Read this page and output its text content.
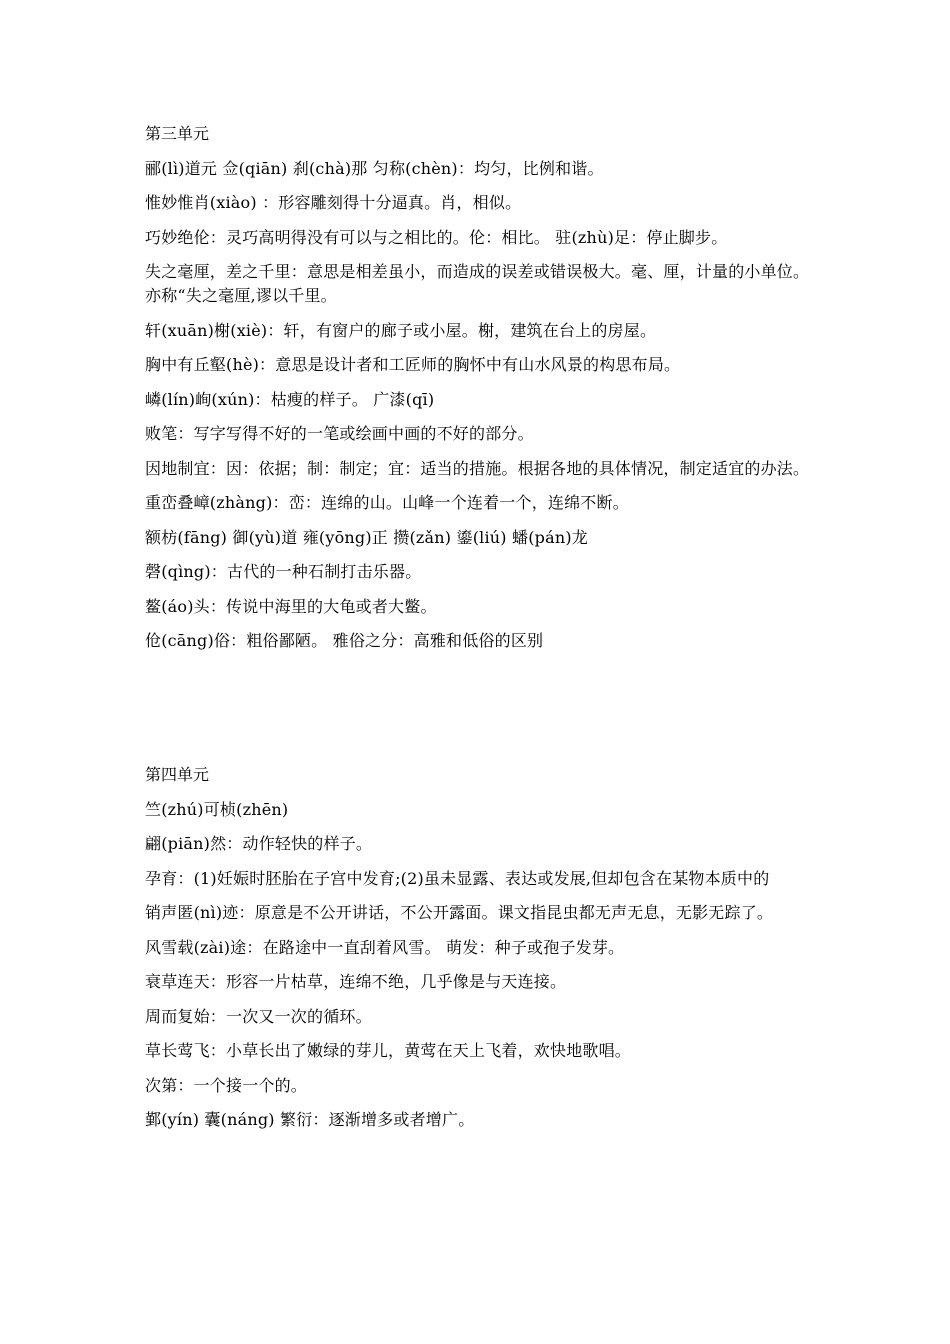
第三单元
郦(lì)道元 佥(qiān) 刹(chà)那 匀称(chèn)：均匀，比例和谐。
惟妙惟肖(xiào) ：形容雕刻得十分逼真。肖，相似。
巧妙绝伦：灵巧高明得没有可以与之相比的。伦：相比。 驻(zhù)足：停止脚步。
失之毫厘，差之千里：意思是相差虽小，而造成的误差或错误极大。毫、厘，计量的小单位。亦称“失之毫厘,谬以千里。
轩(xuān)榭(xiè)：轩，有窗户的廊子或小屋。榭，建筑在台上的房屋。
胸中有丘壑(hè)：意思是设计者和工匠师的胸怀中有山水风景的构思布局。
嶙(lín)峋(xún)：枯瘦的样子。 广漆(qī)
败笔：写字写得不好的一笔或绘画中画的不好的部分。
因地制宜：因：依据；制：制定；宜：适当的措施。根据各地的具体情况，制定适宜的办法。
重峦叠嶂(zhàng)：峦：连绵的山。山峰一个连着一个，连绵不断。
额枋(fāng) 御(yù)道 雍(yōng)正 攒(zǎn) 鎏(liú) 蟠(pán)龙
磬(qìng)：古代的一种石制打击乐器。
鳌(áo)头：传说中海里的大龟或者大鳖。
伧(cāng)俗：粗俗鄙陋。 雅俗之分：高雅和低俗的区别
第四单元
竺(zhú)可桢(zhēn)
翩(piān)然：动作轻快的样子。
孕育：(1)妊娠时胚胎在子宫中发育;(2)虽未显露、表达或发展,但却包含在某物本质中的
销声匿(nì)迹：原意是不公开讲话，不公开露面。课文指昆虫都无声无息，无影无踪了。
风雪载(zài)途：在路途中一直刮着风雪。 萌发：种子或孢子发芽。
衰草连天：形容一片枯草，连绵不绝，几乎像是与天连接。
周而复始：一次又一次的循环。
草长莺飞：小草长出了嫩绿的芽儿，黄莺在天上飞着，欢快地歌唱。
次第：一个接一个的。
鄞(yín) 囊(náng) 繁衍：逐渐增多或者增广。
